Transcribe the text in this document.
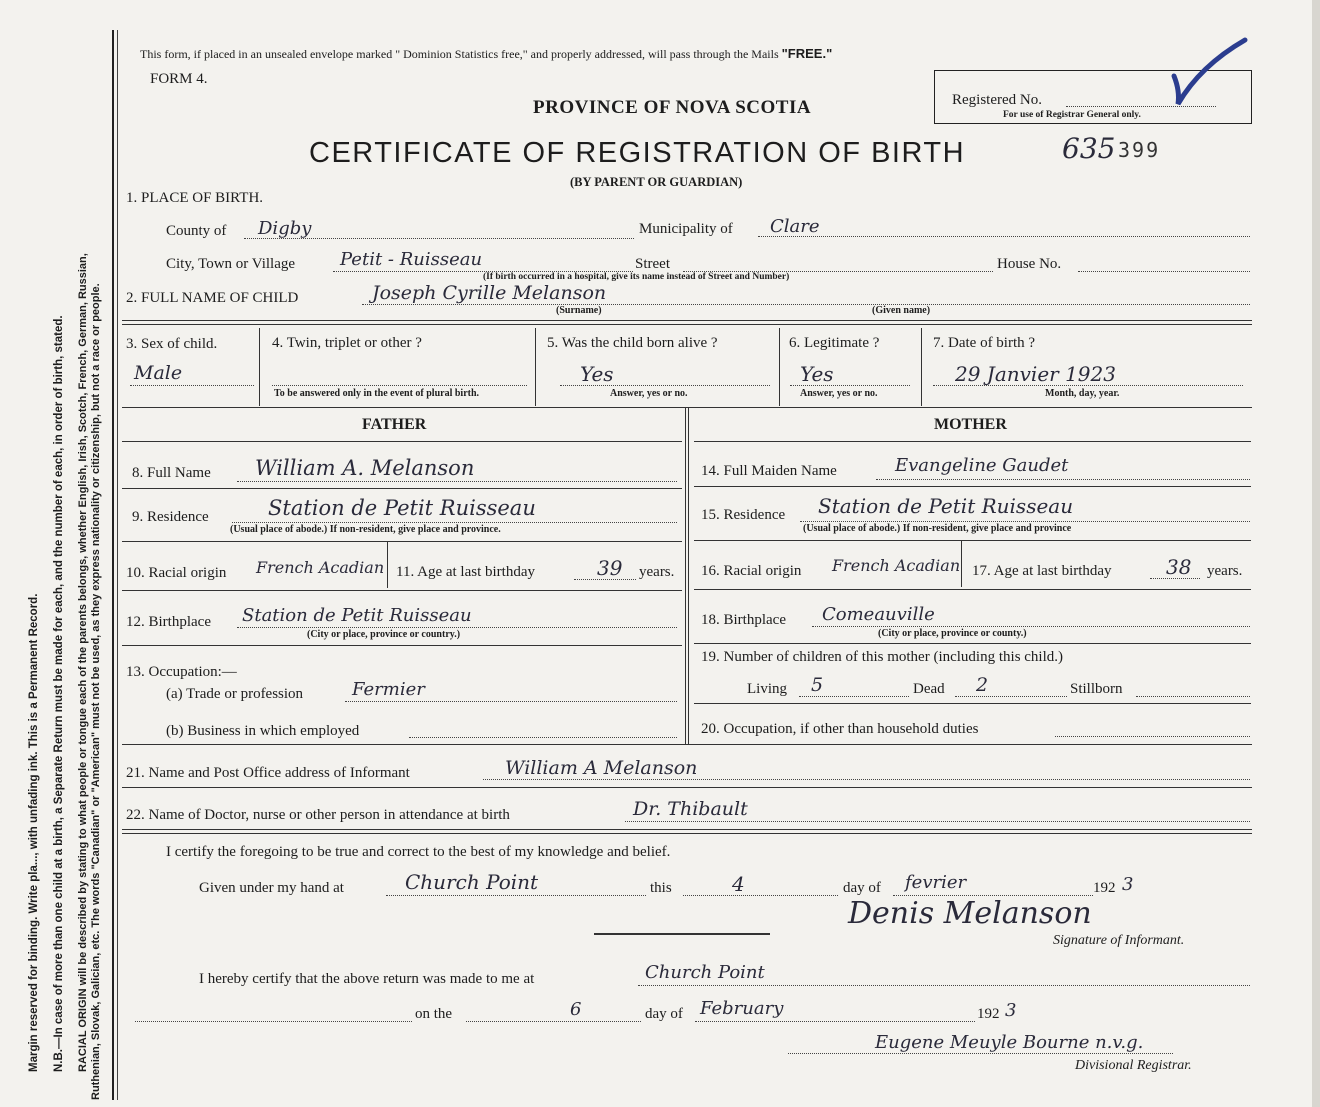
Margin reserved for binding. Write pla..., with unfading ink. This is a Permanent Record. N.B.—In case of more than one child at a birth, a Separate Return must be made for each, and the number of each, in order of birth, stated. RACIAL ORIGIN will be described by stating to what people or tongue each of the parents belongs, whether English, Irish, Scotch, French, German, Russian, Ruthenian, Slovak, Galician, etc. The words "Canadian" or "American" must not be used, as they express nationality or citizenship, but not a race or people.
This form, if placed in an unsealed envelope marked " Dominion Statistics free," and properly addressed, will pass through the Mails "FREE."
FORM 4.
PROVINCE OF NOVA SCOTIA
CERTIFICATE OF REGISTRATION OF BIRTH
(BY PARENT OR GUARDIAN)
Registered No.
For use of Registrar General only.
635 399
1. PLACE OF BIRTH.
County of Digby	Municipality of Clare
City, Town or Village Petit - Ruisseau	Street	House No.
(If birth occurred in a hospital, give its name instead of Street and Number)
2. FULL NAME OF CHILD	Joseph Cyrille Melanson
(Surname)	(Given name)
3. Sex of child.
Male
4. Twin, triplet or other ?
To be answered only in the event of plural birth.
5. Was the child born alive ?
Yes
Answer, yes or no.
6. Legitimate ?
Yes
Answer, yes or no.
7. Date of birth ?
29 Janvier 1923
Month, day, year.
FATHER
8. Full Name William A. Melanson
9. Residence	Station de Petit Ruisseau
(Usual place of abode.) If non-resident, give place and province.
10. Racial origin French Acadian 11. Age at last birthday	39 years.
12. Birthplace Station de Petit Ruisseau
(City or place, province or country.)
13. Occupation:—
(a) Trade or profession	Fermier
(b) Business in which employed
MOTHER
14. Full Maiden Name	Evangeline Gaudet
15. Residence Station de Petit Ruisseau
(Usual place of abode.) If non-resident, give place and province
16. Racial origin French Acadian 17. Age at last birthday	38 years.
18. Birthplace Comeauville
(City or place, province or county.)
19. Number of children of this mother (including this child.)
Living 5	Dead 2	Stillborn
20. Occupation, if other than household duties
21. Name and Post Office address of Informant	William A Melanson
22. Name of Doctor, nurse or other person in attendance at birth	Dr. Thibault
I certify the foregoing to be true and correct to the best of my knowledge and belief.
Given under my hand at	Church Point	this	4	day of fevrier	192 3
Denis Melanson
Signature of Informant.
I hereby certify that the above return was made to me at	Church Point
on the	6	day of February	192 3
Eugene Meuyle Bourne n.v.g.
Divisional Registrar.
